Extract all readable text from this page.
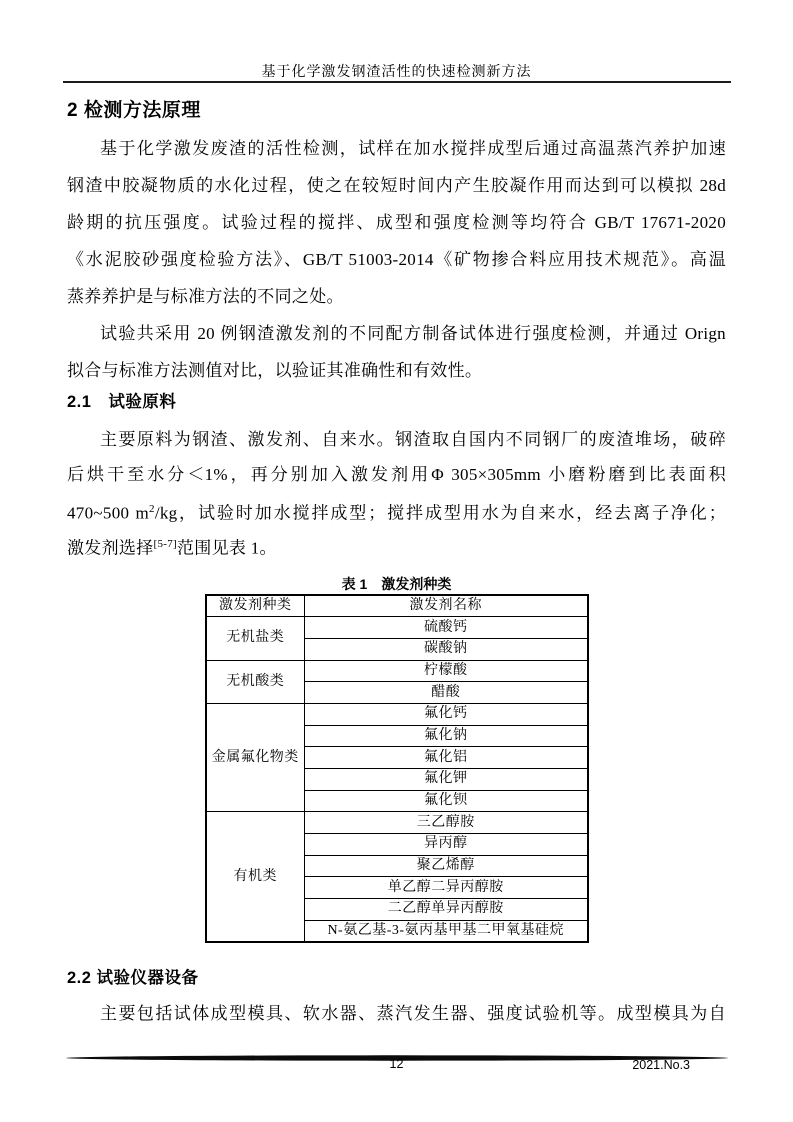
基于化学激发钢渣活性的快速检测新方法
2 检测方法原理
基于化学激发废渣的活性检测，试样在加水搅拌成型后通过高温蒸汽养护加速
钢渣中胶凝物质的水化过程，使之在较短时间内产生胶凝作用而达到可以模拟 28d
龄期的抗压强度。试验过程的搅拌、成型和强度检测等均符合 GB/T 17671-2020
《水泥胶砂强度检验方法》、GB/T 51003-2014《矿物掺合料应用技术规范》。高温
蒸养养护是与标准方法的不同之处。
试验共采用 20 例钢渣激发剂的不同配方制备试体进行强度检测，并通过 Orign
拟合与标准方法测值对比，以验证其准确性和有效性。
2.1　试验原料
主要原料为钢渣、激发剂、自来水。钢渣取自国内不同钢厂的废渣堆场，破碎
后烘干至水分＜1%，再分别加入激发剂用Φ 305×305mm 小磨粉磨到比表面积
470~500 $m^2/kg$，试验时加水搅拌成型；搅拌成型用水为自来水，经去离子净化；
激发剂选择[5-7]范围见表 1。
表 1　激发剂种类
激发剂种类	激发剂名称
无机盐类	硫酸钙
	碳酸钠
无机酸类	柠檬酸
	醋酸
金属氟化物类	氟化钙
	氟化钠
	氟化铝
	氟化钾
	氟化钡
有机类	三乙醇胺
	异丙醇
	聚乙烯醇
	单乙醇二异丙醇胺
	二乙醇单异丙醇胺
	N-氨乙基-3-氨丙基甲基二甲氧基硅烷
2.2 试验仪器设备
主要包括试体成型模具、软水器、蒸汽发生器、强度试验机等。成型模具为自
12	2021.No.3
